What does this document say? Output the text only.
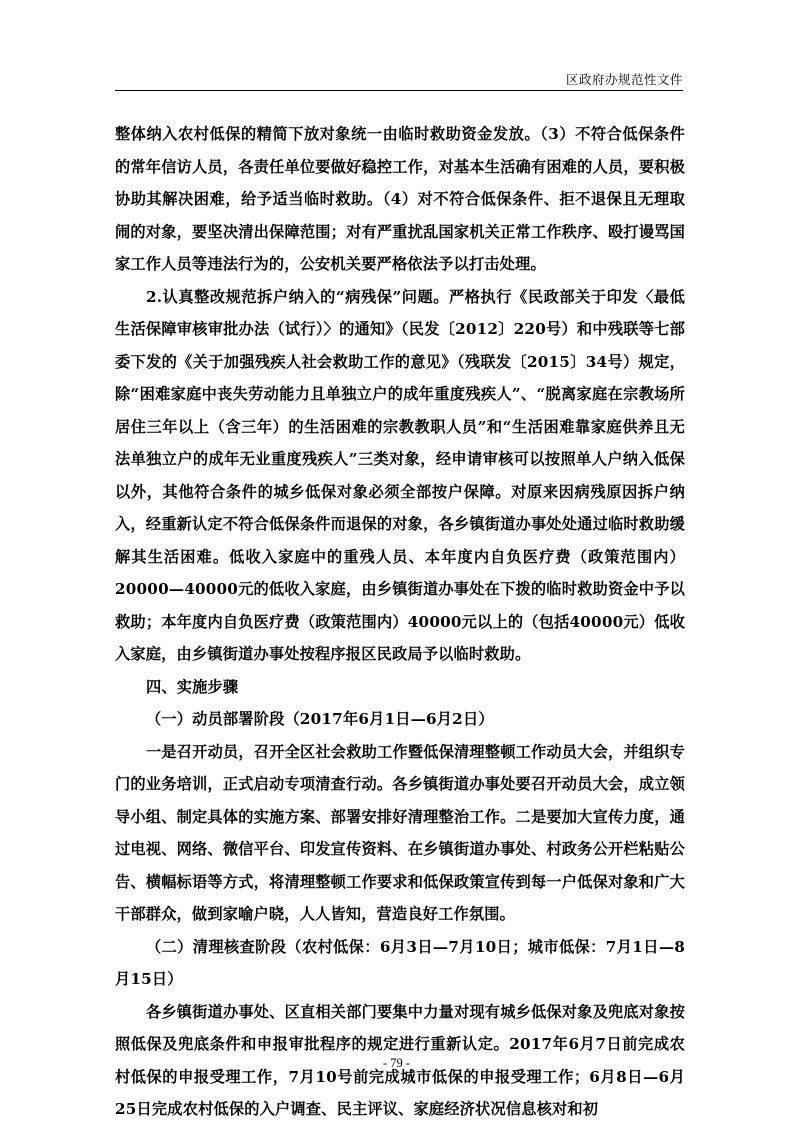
区政府办规范性文件

整体纳入农村低保的精简下放对象统一由临时救助资金发放。（3）不符合低保条件的常年信访人员，各责任单位要做好稳控工作，对基本生活确有困难的人员，要积极协助其解决困难，给予适当临时救助。（4）对不符合低保条件、拒不退保且无理取闹的对象，要坚决清出保障范围；对有严重扰乱国家机关正常工作秩序、殴打谩骂国家工作人员等违法行为的，公安机关要严格依法予以打击处理。

2.认真整改规范拆户纳入的“病残保”问题。严格执行《民政部关于印发〈最低生活保障审核审批办法（试行）〉的通知》（民发〔2012〕220号）和中残联等七部委下发的《关于加强残疾人社会救助工作的意见》（残联发〔2015〕34号）规定，除“困难家庭中丧失劳动能力且单独立户的成年重度残疾人”、“脱离家庭在宗教场所居住三年以上（含三年）的生活困难的宗教教职人员”和“生活困难靠家庭供养且无法单独立户的成年无业重度残疾人”三类对象，经申请审核可以按照单人户纳入低保以外，其他符合条件的城乡低保对象必须全部按户保障。对原来因病残原因拆户纳入，经重新认定不符合低保条件而退保的对象，各乡镇街道办事处处通过临时救助缓解其生活困难。低收入家庭中的重残人员、本年度内自负医疗费（政策范围内）20000—40000元的低收入家庭，由乡镇街道办事处在下拨的临时救助资金中予以救助；本年度内自负医疗费（政策范围内）40000元以上的（包括40000元）低收入家庭，由乡镇街道办事处按程序报区民政局予以临时救助。

四、实施步骤

（一）动员部署阶段（2017年6月1日—6月2日）

一是召开动员，召开全区社会救助工作暨低保清理整顿工作动员大会，并组织专门的业务培训，正式启动专项清查行动。各乡镇街道办事处要召开动员大会，成立领导小组、制定具体的实施方案、部署安排好清理整治工作。二是要加大宣传力度，通过电视、网络、微信平台、印发宣传资料、在乡镇街道办事处、村政务公开栏粘贴公告、横幅标语等方式，将清理整顿工作要求和低保政策宣传到每一户低保对象和广大干部群众，做到家喻户晓，人人皆知，营造良好工作氛围。

（二）清理核查阶段（农村低保：6月3日—7月10日；城市低保：7月1日—8月15日）

各乡镇街道办事处、区直相关部门要集中力量对现有城乡低保对象及兜底对象按照低保及兜底条件和申报审批程序的规定进行重新认定。2017年6月7日前完成农村低保的申报受理工作，7月10号前完成城市低保的申报受理工作；6月8日—6月25日完成农村低保的入户调查、民主评议、家庭经济状况信息核对和初

- 79 -
